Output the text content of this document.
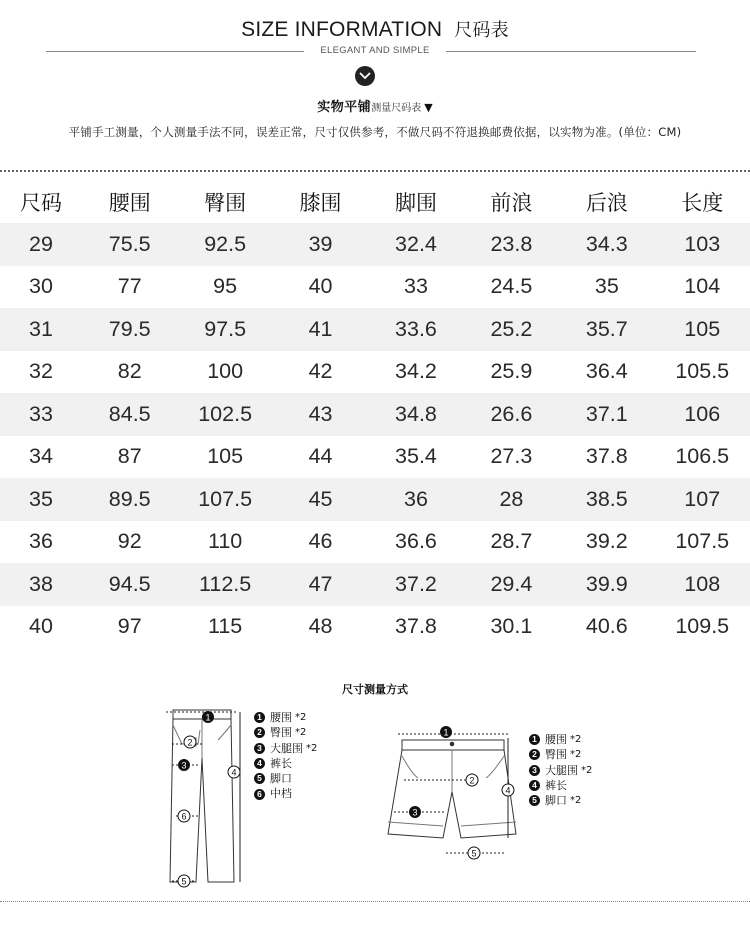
SIZE INFORMATION 尺码表
ELEGANT AND SIMPLE
实物平铺测量尺码表 ▼
平铺手工测量，个人测量手法不同，误差正常，尺寸仅供参考，不做尺码不符退换邮费依据，以实物为准。(单位：CM)
尺码	腰围	臀围	膝围	脚围	前浪	后浪	长度
29	75.5	92.5	39	32.4	23.8	34.3	103
30	77	95	40	33	24.5	35	104
31	79.5	97.5	41	33.6	25.2	35.7	105
32	82	100	42	34.2	25.9	36.4	105.5
33	84.5	102.5	43	34.8	26.6	37.1	106
34	87	105	44	35.4	27.3	37.8	106.5
35	89.5	107.5	45	36	28	38.5	107
36	92	110	46	36.6	28.7	39.2	107.5
38	94.5	112.5	47	37.2	29.4	39.9	108
40	97	115	48	37.8	30.1	40.6	109.5
尺寸测量方式
1
2
3
4
6
5
1 腰围 *2
2 臀围 *2
3 大腿围 *2
4 裤长
5 脚口
6 中档
1
2
3
4
5
1 腰围 *2
2 臀围 *2
3 大腿围 *2
4 裤长
5 脚口 *2
